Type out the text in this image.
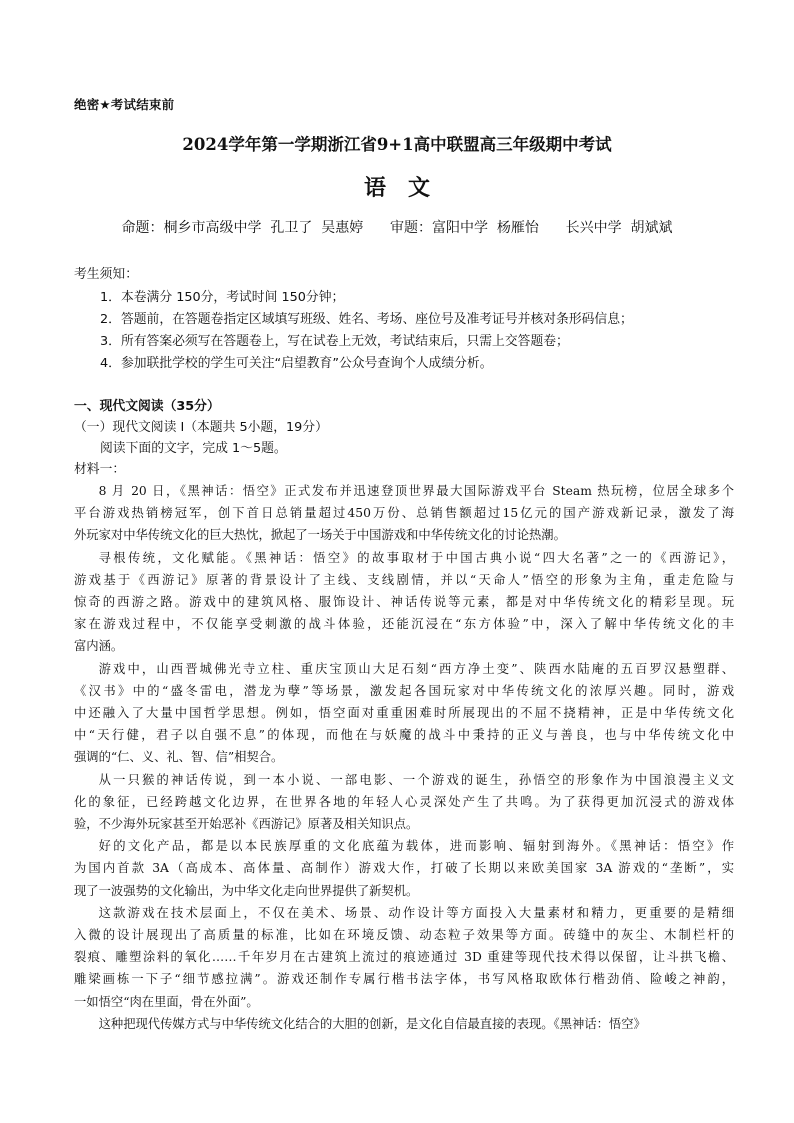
绝密★考试结束前
2024学年第一学期浙江省9+1高中联盟高三年级期中考试
语　文
命题：桐乡市高级中学  孔卫了  吴惠婷 审题：富阳中学  杨雁怡      长兴中学  胡斌斌
考生须知：
1．本卷满分 150分，考试时间 150分钟；
2．答题前，在答题卷指定区域填写班级、姓名、考场、座位号及准考证号并核对条形码信息；
3．所有答案必须写在答题卷上，写在试卷上无效，考试结束后，只需上交答题卷；
4．参加联批学校的学生可关注“启望教育”公众号查询个人成绩分析。
一、现代文阅读（35分）
（一）现代文阅读 I（本题共 5小题，19分）
阅读下面的文字，完成 1～5题。
材料一：
8 月 20 日，《黑神话：悟空》正式发布并迅速登顶世界最大国际游戏平台 Steam 热玩榜，位居全球多个
平台游戏热销榜冠军，创下首日总销量超过450万份、总销售额超过15亿元的国产游戏新记录，激发了海
外玩家对中华传统文化的巨大热忱，掀起了一场关于中国游戏和中华传统文化的讨论热潮。
寻根传统，文化赋能。《黑神话：悟空》的故事取材于中国古典小说“四大名著”之一的《西游记》，
游戏基于《西游记》原著的背景设计了主线、支线剧情，并以“天命人”悟空的形象为主角，重走危险与
惊奇的西游之路。游戏中的建筑风格、服饰设计、神话传说等元素，都是对中华传统文化的精彩呈现。玩
家在游戏过程中，不仅能享受刺激的战斗体验，还能沉浸在“东方体验”中，深入了解中华传统文化的丰
富内涵。
游戏中，山西晋城佛光寺立柱、重庆宝顶山大足石刻“西方净土变”、陕西水陆庵的五百罗汉悬塑群、
《汉书》中的“盛冬雷电，潜龙为孽”等场景，激发起各国玩家对中华传统文化的浓厚兴趣。同时，游戏
中还融入了大量中国哲学思想。例如，悟空面对重重困难时所展现出的不屈不挠精神，正是中华传统文化
中“天行健，君子以自强不息”的体现，而他在与妖魔的战斗中秉持的正义与善良，也与中华传统文化中
强调的“仁、义、礼、智、信”相契合。
从一只猴的神话传说，到一本小说、一部电影、一个游戏的诞生，孙悟空的形象作为中国浪漫主义文
化的象征，已经跨越文化边界，在世界各地的年轻人心灵深处产生了共鸣。为了获得更加沉浸式的游戏体
验，不少海外玩家甚至开始恶补《西游记》原著及相关知识点。
好的文化产品，都是以本民族厚重的文化底蕴为载体，进而影响、辐射到海外。《黑神话：悟空》作
为国内首款 3A（高成本、高体量、高制作）游戏大作，打破了长期以来欧美国家 3A 游戏的“垄断”，实
现了一波强势的文化输出，为中华文化走向世界提供了新契机。
这款游戏在技术层面上，不仅在美术、场景、动作设计等方面投入大量素材和精力，更重要的是精细
入微的设计展现出了高质量的标准，比如在环境反馈、动态粒子效果等方面。砖缝中的灰尘、木制栏杆的
裂痕、雕塑涂料的氧化……千年岁月在古建筑上流过的痕迹通过 3D 重建等现代技术得以保留，让斗拱飞檐、
雕梁画栋一下子“细节感拉满”。游戏还制作专属行楷书法字体，书写风格取欧体行楷劲俏、险峻之神韵，
一如悟空“肉在里面，骨在外面”。
这种把现代传媒方式与中华传统文化结合的大胆的创新，是文化自信最直接的表现。《黑神话：悟空》
